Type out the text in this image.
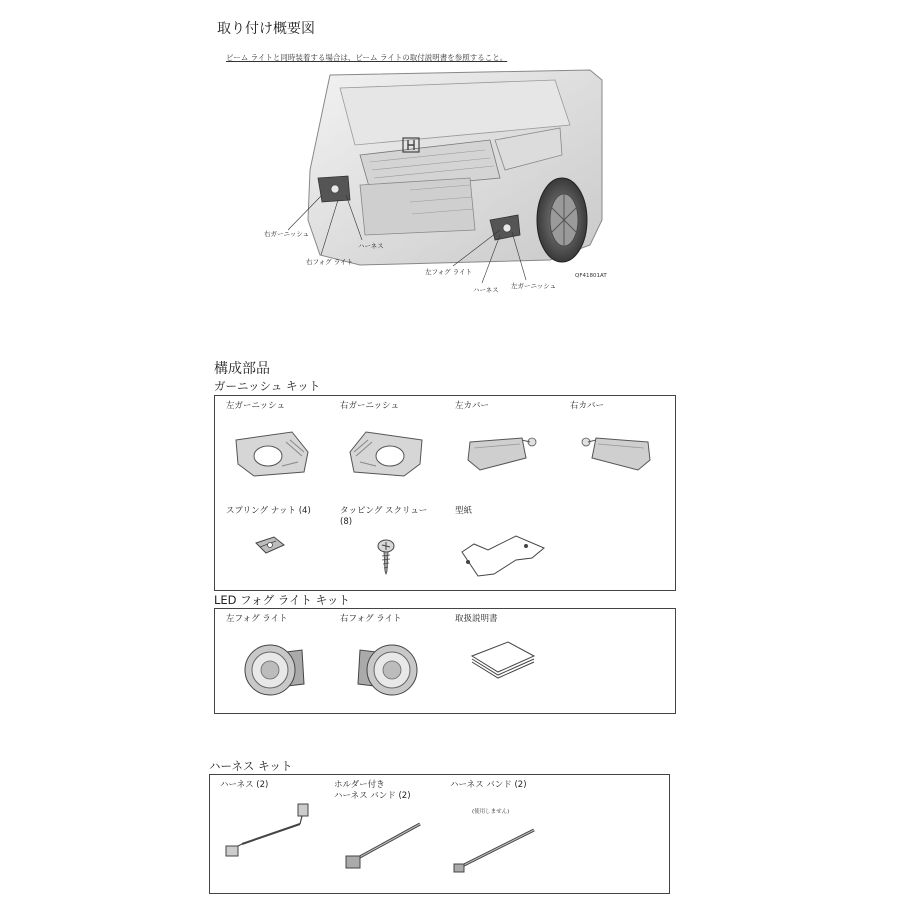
取り付け概要図
ビーム ライトと同時装着する場合は、ビーム ライトの取付説明書を参照すること。
右ガーニッシュ
ハーネス
右フォグ ライト
左フォグ ライト
ハーネス 左ガーニッシュ
QF41801AT
構成部品
ガーニッシュ キット
左ガーニッシュ	右ガーニッシュ	左カバー	右カバー
スプリング ナット (4)	タッピング スクリュー
(8)
型紙
LED フォグ ライト キット
左フォグ ライト	右フォグ ライト	取扱説明書
ハーネス キット
ハーネス (2)	ホルダー付き
ハーネス バンド (2)
ハーネス バンド (2)
(使用しません)
